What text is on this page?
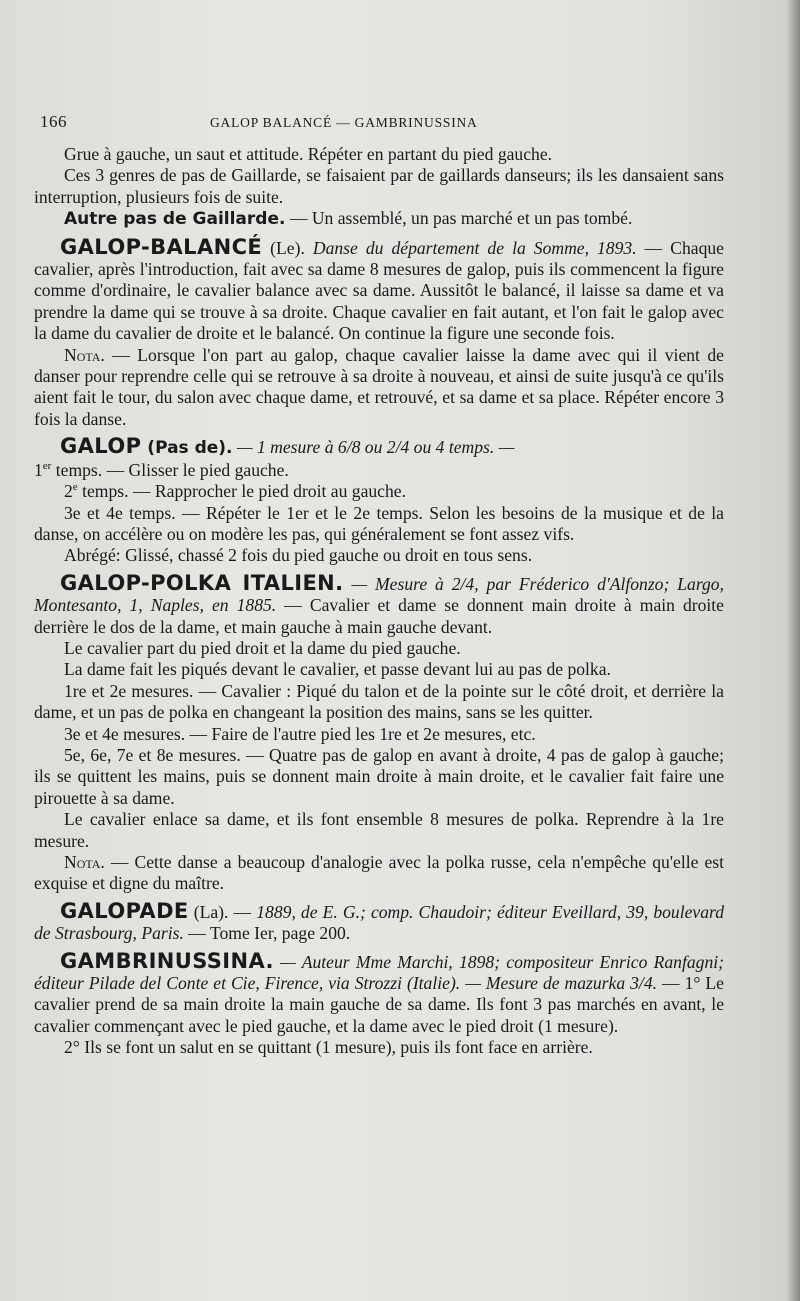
166	GALOP BALANCÉ — GAMBRINUSSINA

Grue à gauche, un saut et attitude. Répéter en partant du pied gauche.

Ces 3 genres de pas de Gaillarde, se faisaient par de gaillards danseurs; ils les dansaient sans interruption, plusieurs fois de suite.

Autre pas de Gaillarde. — Un assemblé, un pas marché et un pas tombé.

GALOP-BALANCÉ (Le). Danse du département de la Somme, 1893. — Chaque cavalier, après l'introduction, fait avec sa dame 8 mesures de galop, puis ils commencent la figure comme d'ordinaire, le cavalier balance avec sa dame. Aussitôt le balancé, il laisse sa dame et va prendre la dame qui se trouve à sa droite. Chaque cavalier en fait autant, et l'on fait le galop avec la dame du cavalier de droite et le balancé. On continue la figure une seconde fois.

Nota. — Lorsque l'on part au galop, chaque cavalier laisse la dame avec qui il vient de danser pour reprendre celle qui se retrouve à sa droite à nouveau, et ainsi de suite jusqu'à ce qu'ils aient fait le tour, du salon avec chaque dame, et retrouvé, et sa dame et sa place. Répéter encore 3 fois la danse.

GALOP (Pas de). — 1 mesure à 6/8 ou 2/4 ou 4 temps. —
1er temps. — Glisser le pied gauche.

2e temps. — Rapprocher le pied droit au gauche.

3e et 4e temps. — Répéter le 1er et le 2e temps. Selon les besoins de la musique et de la danse, on accélère ou on modère les pas, qui généralement se font assez vifs.

Abrégé: Glissé, chassé 2 fois du pied gauche ou droit en tous sens.

GALOP-POLKA ITALIEN. — Mesure à 2/4, par Fréderico d'Alfonzo; Largo, Montesanto, 1, Naples, en 1885. — Cavalier et dame se donnent main droite à main droite derrière le dos de la dame, et main gauche à main gauche devant.

Le cavalier part du pied droit et la dame du pied gauche.

La dame fait les piqués devant le cavalier, et passe devant lui au pas de polka.

1re et 2e mesures. — Cavalier : Piqué du talon et de la pointe sur le côté droit, et derrière la dame, et un pas de polka en changeant la position des mains, sans se les quitter.

3e et 4e mesures. — Faire de l'autre pied les 1re et 2e mesures, etc.

5e, 6e, 7e et 8e mesures. — Quatre pas de galop en avant à droite, 4 pas de galop à gauche; ils se quittent les mains, puis se donnent main droite à main droite, et le cavalier fait faire une pirouette à sa dame.

Le cavalier enlace sa dame, et ils font ensemble 8 mesures de polka. Reprendre à la 1re mesure.

Nota. — Cette danse a beaucoup d'analogie avec la polka russe, cela n'empêche qu'elle est exquise et digne du maître.

GALOPADE (La). — 1889, de E. G.; comp. Chaudoir; éditeur Eveillard, 39, boulevard de Strasbourg, Paris. — Tome Ier, page 200.

GAMBRINUSSINA. — Auteur Mme Marchi, 1898; compositeur Enrico Ranfagni; éditeur Pilade del Conte et Cie, Firence, via Strozzi (Italie). — Mesure de mazurka 3/4. — 1° Le cavalier prend de sa main droite la main gauche de sa dame. Ils font 3 pas marchés en avant, le cavalier commençant avec le pied gauche, et la dame avec le pied droit (1 mesure).

2° Ils se font un salut en se quittant (1 mesure), puis ils font face en arrière.
